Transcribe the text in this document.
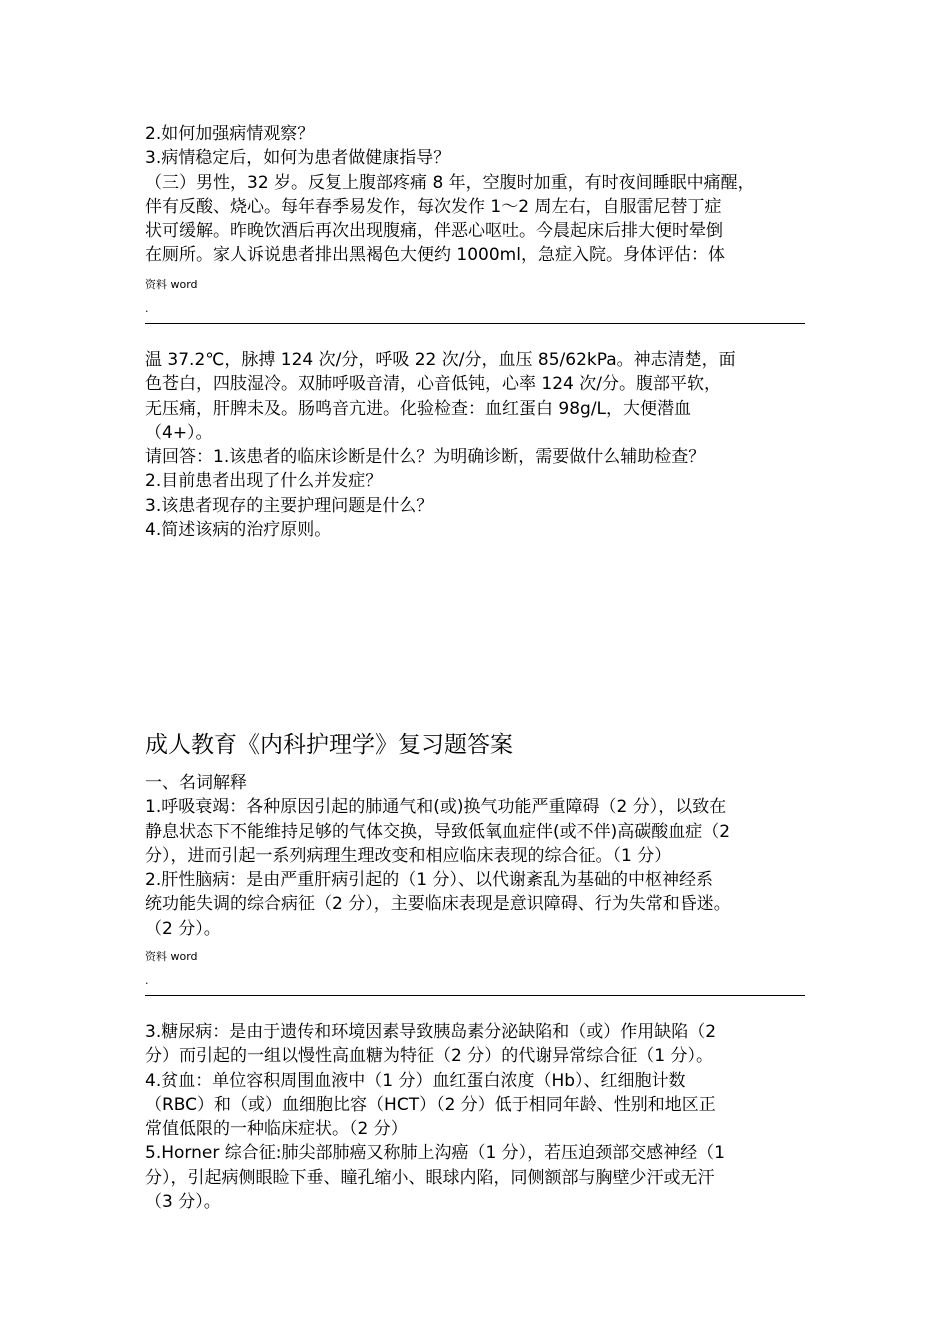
2.如何加强病情观察？
3.病情稳定后，如何为患者做健康指导？
（三）男性，32 岁。反复上腹部疼痛 8 年，空腹时加重，有时夜间睡眠中痛醒，
伴有反酸、烧心。每年春季易发作，每次发作 1～2 周左右，自服雷尼替丁症
状可缓解。昨晚饮酒后再次出现腹痛，伴恶心呕吐。今晨起床后排大便时晕倒
在厕所。家人诉说患者排出黑褐色大便约 1000ml，急症入院。身体评估：体
资料 word
.
温 37.2℃，脉搏 124 次/分，呼吸 22 次/分，血压 85/62kPa。神志清楚，面
色苍白，四肢湿冷。双肺呼吸音清，心音低钝，心率 124 次/分。腹部平软，
无压痛，肝脾未及。肠鸣音亢进。化验检查：血红蛋白 98g/L，大便潜血
（4+）。
请回答：1.该患者的临床诊断是什么？为明确诊断，需要做什么辅助检查？
2.目前患者出现了什么并发症？
3.该患者现存的主要护理问题是什么？
4.简述该病的治疗原则。
成人教育《内科护理学》复习题答案
一、名词解释
1.呼吸衰竭：各种原因引起的肺通气和(或)换气功能严重障碍（2 分），以致在
静息状态下不能维持足够的气体交换，导致低氧血症伴(或不伴)高碳酸血症（2
分），进而引起一系列病理生理改变和相应临床表现的综合征。（1 分）
2.肝性脑病：是由严重肝病引起的（1 分）、以代谢紊乱为基础的中枢神经系
统功能失调的综合病征（2 分），主要临床表现是意识障碍、行为失常和昏迷。
（2 分）。
资料 word
.
3.糖尿病：是由于遗传和环境因素导致胰岛素分泌缺陷和（或）作用缺陷（2
分）而引起的一组以慢性高血糖为特征（2 分）的代谢异常综合征（1 分）。
4.贫血：单位容积周围血液中（1 分）血红蛋白浓度（Hb）、红细胞计数
（RBC）和（或）血细胞比容（HCT）（2 分）低于相同年龄、性别和地区正
常值低限的一种临床症状。（2 分）
5.Horner 综合征:肺尖部肺癌又称肺上沟癌（1 分），若压迫颈部交感神经（1
分），引起病侧眼睑下垂、瞳孔缩小、眼球内陷，同侧额部与胸壁少汗或无汗
（3 分）。
